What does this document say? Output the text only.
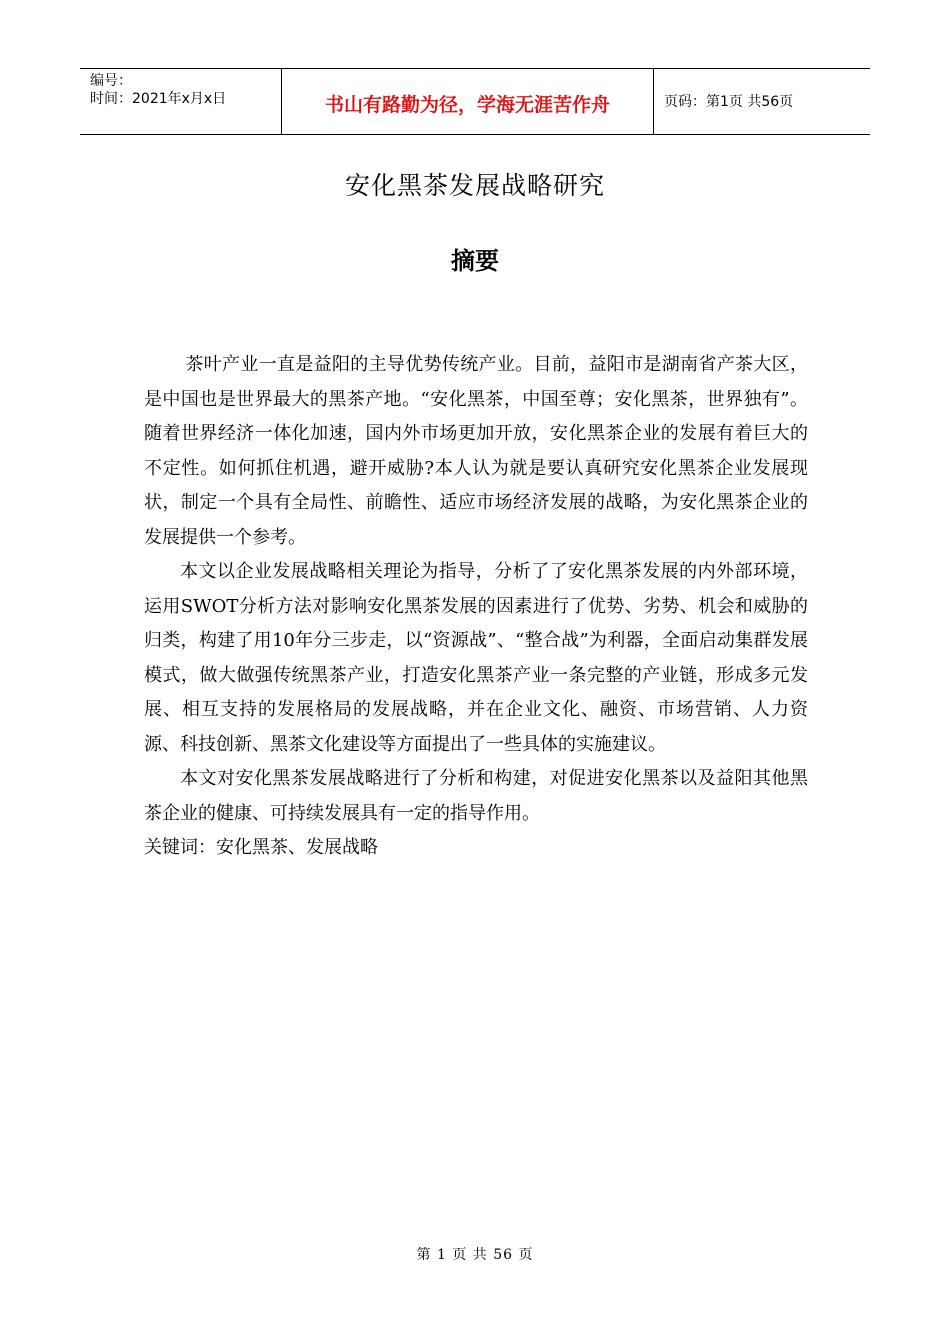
编号：
时间：2021年x月x日	书山有路勤为径，学海无涯苦作舟	页码：第1页 共56页
安化黑茶发展战略研究
摘要

茶叶产业一直是益阳的主导优势传统产业。目前，益阳市是湖南省产茶大区，是中国也是世界最大的黑茶产地。“安化黑茶，中国至尊；安化黑茶，世界独有”。随着世界经济一体化加速，国内外市场更加开放，安化黑茶企业的发展有着巨大的不定性。如何抓住机遇，避开威胁?本人认为就是要认真研究安化黑茶企业发展现状，制定一个具有全局性、前瞻性、适应市场经济发展的战略，为安化黑茶企业的发展提供一个参考。

本文以企业发展战略相关理论为指导，分析了了安化黑茶发展的内外部环境，运用SWOT分析方法对影响安化黑茶发展的因素进行了优势、劣势、机会和威胁的归类，构建了用10年分三步走，以“资源战”、“整合战”为利器，全面启动集群发展模式，做大做强传统黑茶产业，打造安化黑茶产业一条完整的产业链，形成多元发展、相互支持的发展格局的发展战略，并在企业文化、融资、市场营销、人力资源、科技创新、黑茶文化建设等方面提出了一些具体的实施建议。

本文对安化黑茶发展战略进行了分析和构建，对促进安化黑茶以及益阳其他黑茶企业的健康、可持续发展具有一定的指导作用。

关键词：安化黑茶、发展战略

第 1 页 共 56 页
